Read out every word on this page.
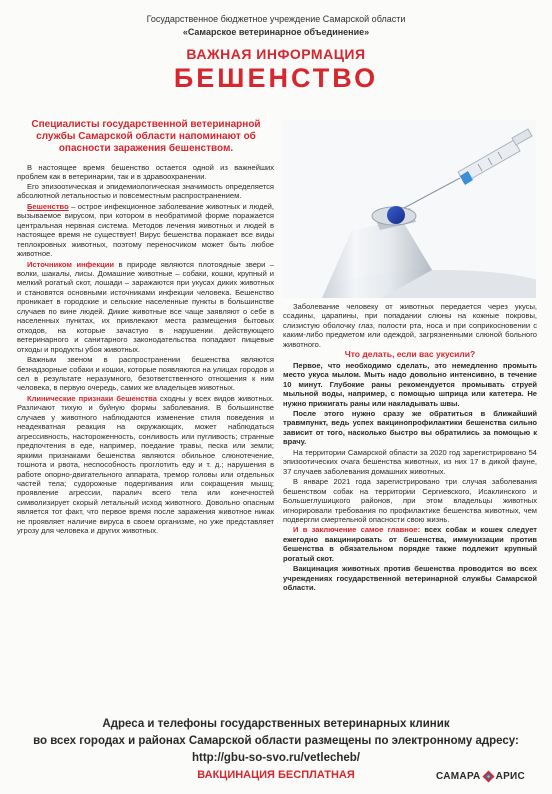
Государственное бюджетное учреждение Самарской области
«Самарское ветеринарное объединение»
ВАЖНАЯ ИНФОРМАЦИЯ
БЕШЕНСТВО
Специалисты государственной ветеринарной службы Самарской области напоминают об опасности заражения бешенством.

В настоящее время бешенство остается одной из важнейших проблем как в ветеринарии, так и в здравоохранении.

Его эпизоотическая и эпидемиологическая значимость определяется абсолютной летальностью и повсеместным распространением.

Бешенство – острое инфекционное заболевание животных и людей, вызываемое вирусом, при котором в необратимой форме поражается центральная нервная система. Методов лечения животных и людей в настоящее время не существует! Вирус бешенства поражает все виды теплокровных животных, поэтому переносчиком может быть любое животное.

Источником инфекции в природе являются плотоядные звери – волки, шакалы, лисы. Домашние животные – собаки, кошки, крупный и мелкий рогатый скот, лошади – заражаются при укусах диких животных и становятся основными источниками инфекции человека. Бешенство проникает в городские и сельские населенные пункты в большинстве случаев по вине людей. Дикие животные все чаще заявляют о себе в населенных пунктах, их привлекают места размещения бытовых отходов, на которые зачастую в нарушении действующего ветеринарного и санитарного законодательства попадают пищевые отходы и продукты убоя животных.

Важным звеном в распространении бешенства являются безнадзорные собаки и кошки, которые появляются на улицах городов и сел в результате неразумного, безответственного отношения к ним человека, в первую очередь, самих же владельцев животных.

Клинические признаки бешенства сходны у всех видов животных. Различают тихую и буйную формы заболевания. В большинстве случаев у животного наблюдаются изменение стиля поведения и неадекватная реакция на окружающих, может наблюдаться агрессивность, настороженность, сонливость или пугливость; странные предпочтения в еде, например, поедание травы, песка или земли; яркими признаками бешенства являются обильное слюнотечение, тошнота и рвота, неспособность проглотить еду и т. д.; нарушения в работе опорно-двигательного аппарата, тремор головы или отдельных частей тела; судорожные подергивания или сокращения мышц; проявление агрессии, паралич всего тела или конечностей символизирует скорый летальный исход животного. Довольно опасным является тот факт, что первое время после заражения животное никак не проявляет наличие вируса в своем организме, но уже представляет угрозу для человека и других животных.

Заболевание человеку от животных передается через укусы, ссадины, царапины, при попадании слюны на кожные покровы, слизистую оболочку глаз, полости рта, носа и при соприкосновении с каким-либо предметом или одеждой, загрязненными слюной больного животного.

Что делать, если вас укусили?

Первое, что необходимо сделать, это немедленно промыть место укуса мылом. Мыть надо довольно интенсивно, в течение 10 минут. Глубокие раны рекомендуется промывать струей мыльной воды, например, с помощью шприца или катетера. Не нужно прижигать раны или накладывать швы.

После этого нужно сразу же обратиться в ближайший травмпункт, ведь успех вакцинопрофилактики бешенства сильно зависит от того, насколько быстро вы обратились за помощью к врачу.

На территории Самарской области за 2020 год зарегистрировано 54 эпизоотических очага бешенства животных, из них 17 в дикой фауне, 37 случаев заболевания домашних животных.

В январе 2021 года зарегистрировано три случая заболевания бешенством собак на территории Сергиевского, Исаклинского и Большеглушицкого районов, при этом владельцы животных игнорировали требования по профилактике бешенства животных, чем подвергли смертельной опасности свою жизнь.

И в заключение самое главное: всех собак и кошек следует ежегодно вакцинировать от бешенства, иммунизации против бешенства в обязательном порядке также подлежит крупный рогатый скот.

Вакцинация животных против бешенства проводится во всех учреждениях государственной ветеринарной службы Самарской области.

Адреса и телефоны государственных ветеринарных клиник
во всех городах и районах Самарской области размещены по электронному адресу:
http://gbu-so-svo.ru/vetlecheb/
ВАКЦИНАЦИЯ БЕСПЛАТНАЯ	САМАРА АРИС
